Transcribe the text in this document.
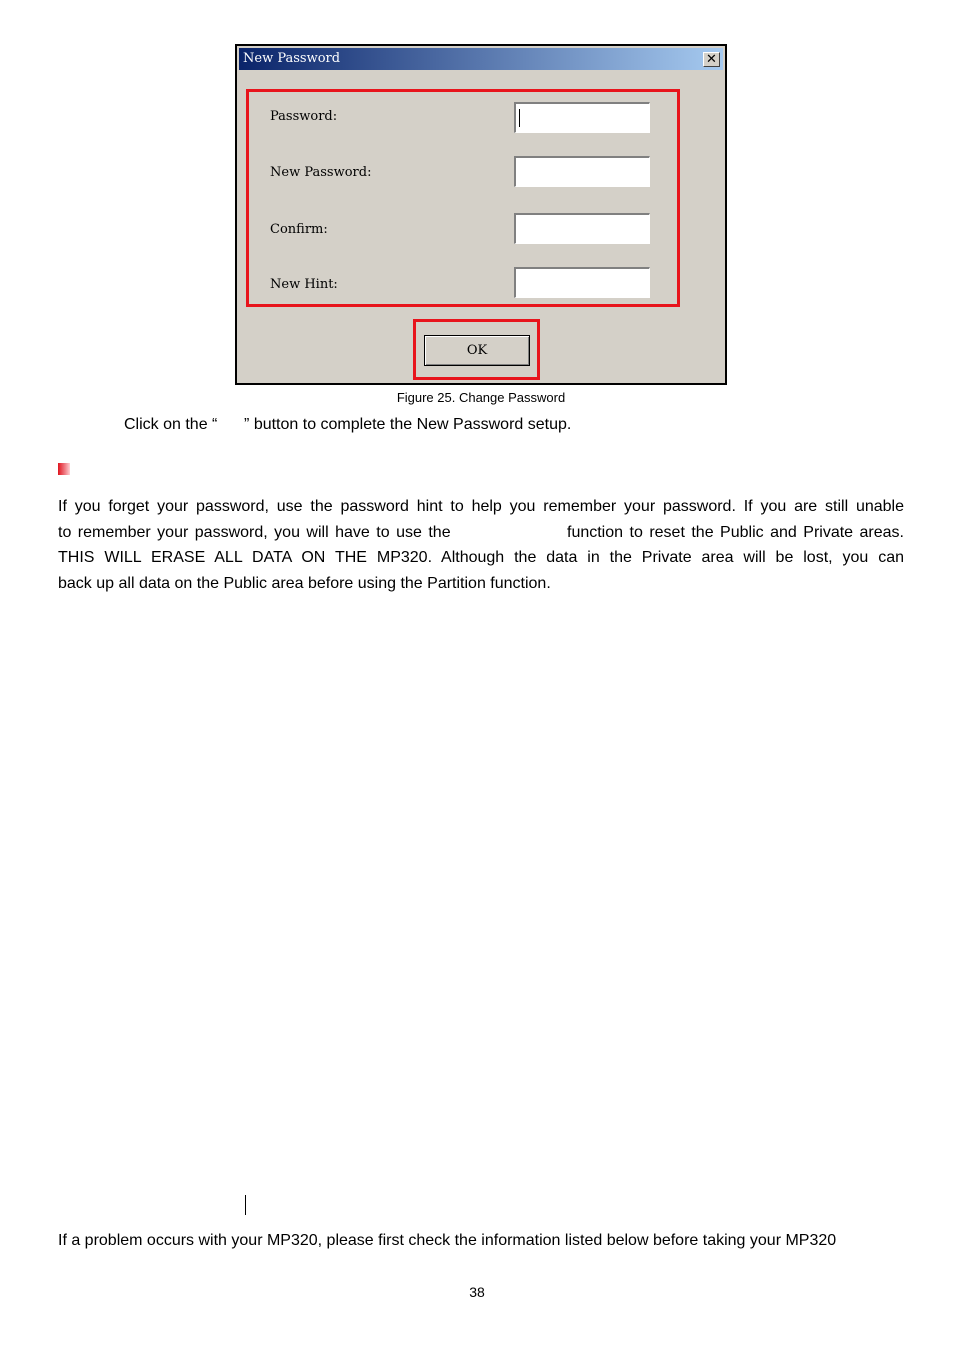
New Password	✕
Password:
New Password:
Confirm:
New Hint:
OK
Figure 25. Change Password
Click on the “      ” button to complete the New Password setup.
If you forget your password, use the password hint to help you remember your password. If you are still unable
to remember your password, you will have to use the                  function to reset the Public and Private areas.
THIS WILL ERASE ALL DATA ON THE MP320. Although the data in the Private area will be lost, you can
back up all data on the Public area before using the Partition function.
If a problem occurs with your MP320, please first check the information listed below before taking your MP320
38
